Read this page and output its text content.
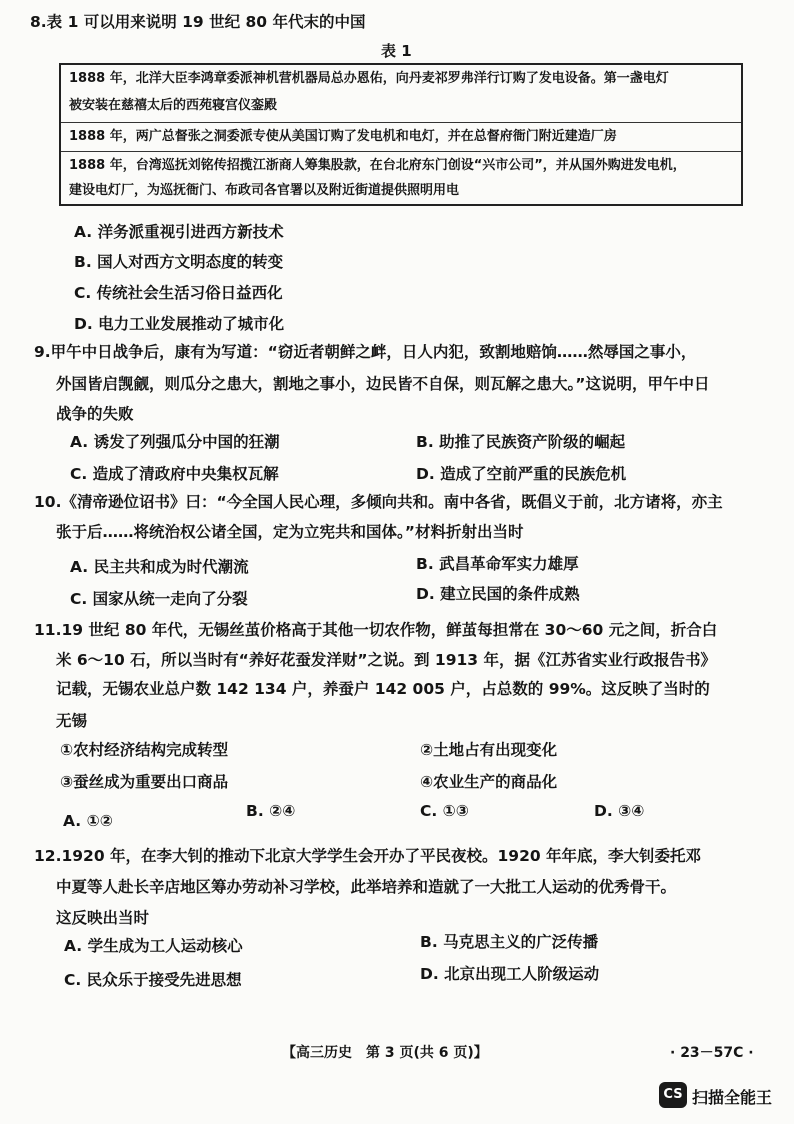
8.表 1 可以用来说明 19 世纪 80 年代末的中国
表 1
1888 年，北洋大臣李鸿章委派神机营机器局总办恩佑，向丹麦祁罗弗洋行订购了发电设备。第一盏电灯
被安装在慈禧太后的西苑寝宫仪銮殿
1888 年，两广总督张之洞委派专使从美国订购了发电机和电灯，并在总督府衙门附近建造厂房
1888 年，台湾巡抚刘铭传招揽江浙商人筹集股款，在台北府东门创设“兴市公司”，并从国外购进发电机，
建设电灯厂，为巡抚衙门、布政司各官署以及附近街道提供照明用电
A. 洋务派重视引进西方新技术
B. 国人对西方文明态度的转变
C. 传统社会生活习俗日益西化
D. 电力工业发展推动了城市化
9.甲午中日战争后，康有为写道：“窃近者朝鲜之衅，日人内犯，致割地赔饷……然辱国之事小，
外国皆启觊觎，则瓜分之患大，割地之事小，边民皆不自保，则瓦解之患大。”这说明，甲午中日
战争的失败
A. 诱发了列强瓜分中国的狂潮	B. 助推了民族资产阶级的崛起
C. 造成了清政府中央集权瓦解	D. 造成了空前严重的民族危机
10.《清帝逊位诏书》曰：“今全国人民心理，多倾向共和。南中各省，既倡义于前，北方诸将，亦主
张于后……将统治权公诸全国，定为立宪共和国体。”材料折射出当时
A. 民主共和成为时代潮流	B. 武昌革命军实力雄厚
C. 国家从统一走向了分裂	D. 建立民国的条件成熟
11.19 世纪 80 年代，无锡丝茧价格高于其他一切农作物，鲜茧每担常在 30～60 元之间，折合白
米 6～10 石，所以当时有“养好花蚕发洋财”之说。到 1913 年，据《江苏省实业行政报告书》
记载，无锡农业总户数 142 134 户，养蚕户 142 005 户，占总数的 99%。这反映了当时的
无锡
①农村经济结构完成转型	②土地占有出现变化
③蚕丝成为重要出口商品	④农业生产的商品化
A. ①②
B. ②④	C. ①③	D. ③④
12.1920 年，在李大钊的推动下北京大学学生会开办了平民夜校。1920 年年底，李大钊委托邓
中夏等人赴长辛店地区筹办劳动补习学校，此举培养和造就了一大批工人运动的优秀骨干。
这反映出当时
A. 学生成为工人运动核心	B. 马克思主义的广泛传播
C. 民众乐于接受先进思想	D. 北京出现工人阶级运动
【高三历史　第 3 页(共 6 页)】	· 23－57C ·
CS 扫描全能王
